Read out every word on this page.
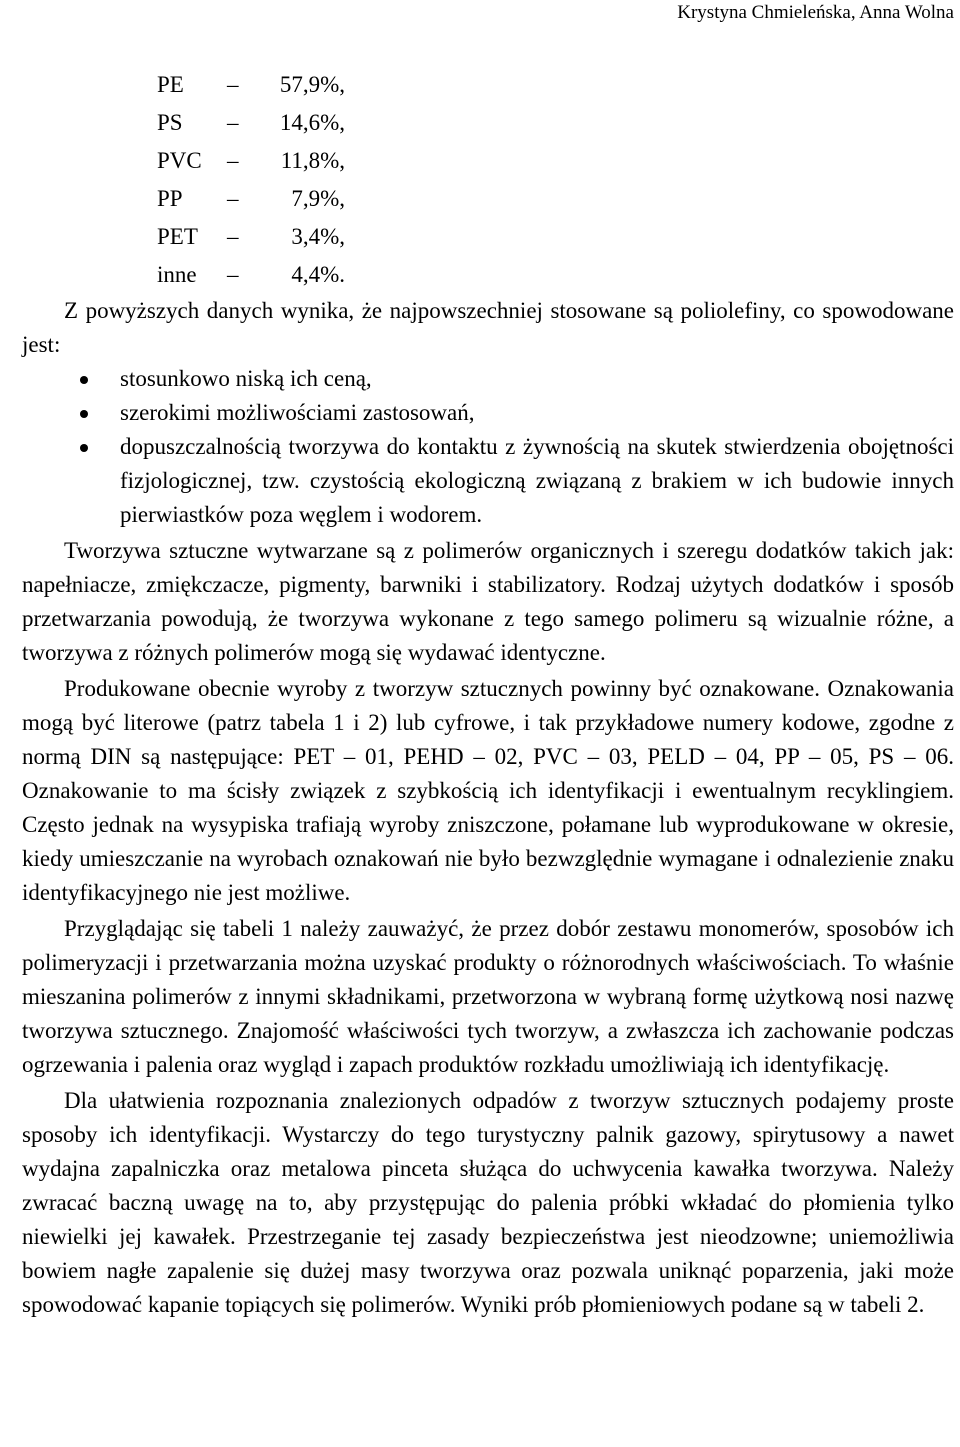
Krystyna Chmieleńska, Anna Wolna
PE	–	57,9%,
PS	–	14,6%,
PVC	–	11,8%,
PP	–	7,9%,
PET	–	3,4%,
inne	–	4,4%.

Z powyższych danych wynika, że najpowszechniej stosowane są poliolefiny, co spowodowane jest:

stosunkowo niską ich ceną,
szerokimi możliwościami zastosowań,
dopuszczalnością tworzywa do kontaktu z żywnością na skutek stwierdzenia obojętności fizjologicznej, tzw. czystością ekologiczną związaną z brakiem w ich budowie innych pierwiastków poza węglem i wodorem.

Tworzywa sztuczne wytwarzane są z polimerów organicznych i szeregu dodatków takich jak: napełniacze, zmiękczacze, pigmenty, barwniki i stabilizatory. Rodzaj użytych dodatków i sposób przetwarzania powodują, że tworzywa wykonane z tego samego polimeru są wizualnie różne, a tworzywa z różnych polimerów mogą się wydawać identyczne.

Produkowane obecnie wyroby z tworzyw sztucznych powinny być oznakowane. Oznakowania mogą być literowe (patrz tabela 1 i 2) lub cyfrowe, i tak przykładowe numery kodowe, zgodne z normą DIN są następujące: PET – 01, PEHD – 02, PVC – 03, PELD – 04, PP – 05, PS – 06. Oznakowanie to ma ścisły związek z szybkością ich identyfikacji i ewentualnym recyklingiem. Często jednak na wysypiska trafiają wyroby zniszczone, połamane lub wyprodukowane w okresie, kiedy umieszczanie na wyrobach oznakowań nie było bezwzględnie wymagane i odnalezienie znaku identyfikacyjnego nie jest możliwe.

Przyglądając się tabeli 1 należy zauważyć, że przez dobór zestawu monomerów, sposobów ich polimeryzacji i przetwarzania można uzyskać produkty o różnorodnych właściwościach. To właśnie mieszanina polimerów z innymi składnikami, przetworzona w wybraną formę użytkową nosi nazwę tworzywa sztucznego. Znajomość właściwości tych tworzyw, a zwłaszcza ich zachowanie podczas ogrzewania i palenia oraz wygląd i zapach produktów rozkładu umożliwiają ich identyfikację.

Dla ułatwienia rozpoznania znalezionych odpadów z tworzyw sztucznych podajemy proste sposoby ich identyfikacji. Wystarczy do tego turystyczny palnik gazowy, spirytusowy a nawet wydajna zapalniczka oraz metalowa pinceta służąca do uchwycenia kawałka tworzywa. Należy zwracać baczną uwagę na to, aby przystępując do palenia próbki wkładać do płomienia tylko niewielki jej kawałek. Przestrzeganie tej zasady bezpieczeństwa jest nieodzowne; uniemożliwia bowiem nagłe zapalenie się dużej masy tworzywa oraz pozwala uniknąć poparzenia, jaki może spowodować kapanie topiących się polimerów. Wyniki prób płomieniowych podane są w tabeli 2.
